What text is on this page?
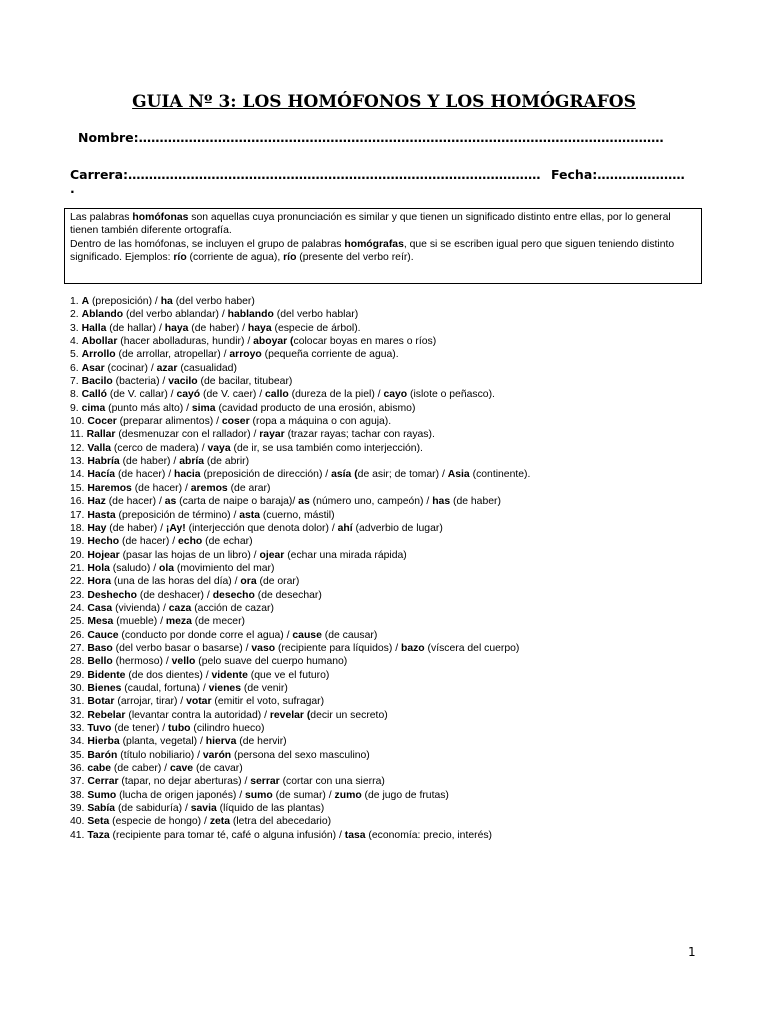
GUIA Nº 3: LOS HOMÓFONOS Y LOS HOMÓGRAFOS
Nombre:………………………………………………………………………………………………………………
Carrera:……………………………………………………………………………………… Fecha:…………………
.

Las palabras homófonas son aquellas cuya pronunciación es similar y que tienen un significado distinto entre ellas, por lo general tienen también diferente ortografía.

Dentro de las homófonas, se incluyen el grupo de palabras homógrafas, que si se escriben igual pero que siguen teniendo distinto significado. Ejemplos: río (corriente de agua), río (presente del verbo reír).

1. A (preposición) / ha (del verbo haber)
2. Ablando (del verbo ablandar) / hablando (del verbo hablar)
3. Halla (de hallar) / haya (de haber) / haya (especie de árbol).
4. Abollar (hacer abolladuras, hundir) / aboyar (colocar boyas en mares o ríos)
5. Arrollo (de arrollar, atropellar) / arroyo (pequeña corriente de agua).
6. Asar (cocinar) / azar (casualidad)
7. Bacilo (bacteria) / vacilo (de bacilar, titubear)
8. Calló (de V. callar) / cayó (de V. caer) / callo (dureza de la piel) / cayo (islote o peñasco).
9. cima (punto más alto) / sima (cavidad producto de una erosión, abismo)
10. Cocer (preparar alimentos) / coser (ropa a máquina o con aguja).
11. Rallar (desmenuzar con el rallador) / rayar (trazar rayas; tachar con rayas).
12. Valla (cerco de madera) / vaya (de ir, se usa también como interjección).
13. Habría (de haber) / abría (de abrir)
14. Hacía (de hacer) / hacia (preposición de dirección) / asía (de asir; de tomar) / Asia (continente).
15. Haremos (de hacer) / aremos (de arar)
16. Haz (de hacer) / as (carta de naipe o baraja)/ as (número uno, campeón) / has (de haber)
17. Hasta (preposición de término) / asta (cuerno, mástil)
18. Hay (de haber) / ¡Ay! (interjección que denota dolor) / ahí (adverbio de lugar)
19. Hecho (de hacer) / echo (de echar)
20. Hojear (pasar las hojas de un libro) / ojear (echar una mirada rápida)
21. Hola (saludo) / ola (movimiento del mar)
22. Hora (una de las horas del día) / ora (de orar)
23. Deshecho (de deshacer) / desecho (de desechar)
24. Casa (vivienda) / caza (acción de cazar)
25. Mesa (mueble) / meza (de mecer)
26. Cauce (conducto por donde corre el agua) / cause (de causar)
27. Baso (del verbo basar o basarse) / vaso (recipiente para líquidos) / bazo (víscera del cuerpo)
28. Bello (hermoso) / vello (pelo suave del cuerpo humano)
29. Bidente (de dos dientes) / vidente (que ve el futuro)
30. Bienes (caudal, fortuna) / vienes (de venir)
31. Botar (arrojar, tirar) / votar (emitir el voto, sufragar)
32. Rebelar (levantar contra la autoridad) / revelar (decir un secreto)
33. Tuvo (de tener) / tubo (cilindro hueco)
34. Hierba (planta, vegetal) / hierva (de hervir)
35. Barón (título nobiliario) / varón (persona del sexo masculino)
36. cabe (de caber) / cave (de cavar)
37. Cerrar (tapar, no dejar aberturas) / serrar (cortar con una sierra)
38. Sumo (lucha de origen japonés) / sumo (de sumar) / zumo (de jugo de frutas)
39. Sabía (de sabiduría) / savia (líquido de las plantas)
40. Seta (especie de hongo) / zeta (letra del abecedario)
41. Taza (recipiente para tomar té, café o alguna infusión) / tasa (economía: precio, interés)
1
